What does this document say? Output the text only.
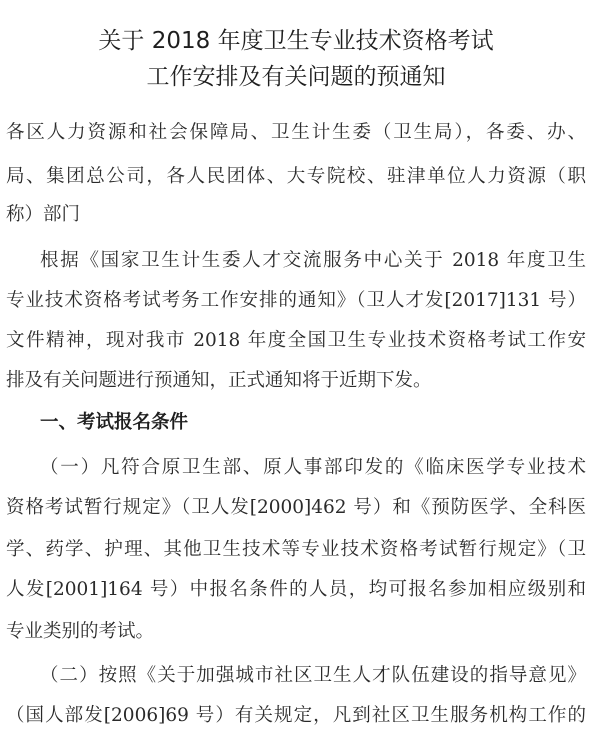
关于 2018 年度卫生专业技术资格考试
工作安排及有关问题的预通知
各区人力资源和社会保障局、卫生计生委（卫生局），各委、办、
局、集团总公司，各人民团体、大专院校、驻津单位人力资源（职
称）部门
根据《国家卫生计生委人才交流服务中心关于 2018 年度卫生
专业技术资格考试考务工作安排的通知》（卫人才发[2017]131 号）
文件精神，现对我市 2018 年度全国卫生专业技术资格考试工作安
排及有关问题进行预通知，正式通知将于近期下发。
一、考试报名条件
（一）凡符合原卫生部、原人事部印发的《临床医学专业技术
资格考试暂行规定》（卫人发[2000]462 号）和《预防医学、全科医
学、药学、护理、其他卫生技术等专业技术资格考试暂行规定》（卫
人发[2001]164 号）中报名条件的人员，均可报名参加相应级别和
专业类别的考试。
（二）按照《关于加强城市社区卫生人才队伍建设的指导意见》
（国人部发[2006]69 号）有关规定，凡到社区卫生服务机构工作的
